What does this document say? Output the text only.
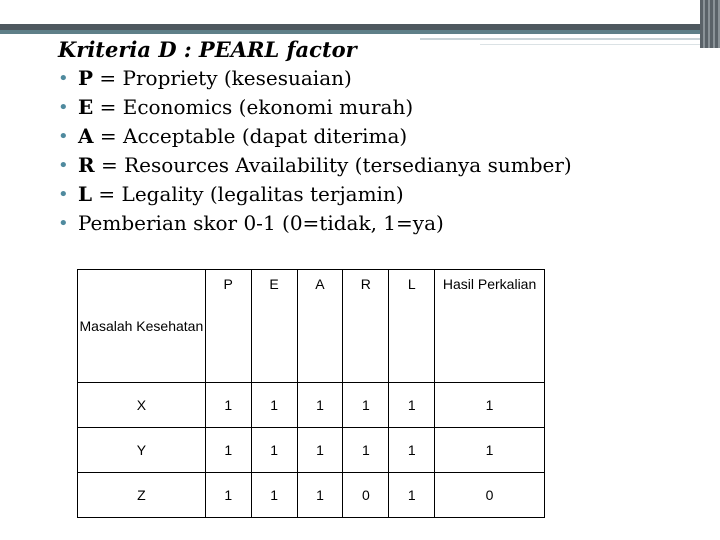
Kriteria D : PEARL factor
• P = Propriety (kesesuaian)
• E = Economics (ekonomi murah)
• A = Acceptable (dapat diterima)
• R = Resources Availability (tersedianya sumber)
• L = Legality (legalitas terjamin)
• Pemberian skor 0-1 (0=tidak, 1=ya)
Masalah Kesehatan	P	E	A	R	L	Hasil Perkalian
X	1	1	1	1	1	1
Y	1	1	1	1	1	1
Z	1	1	1	0	1	0
